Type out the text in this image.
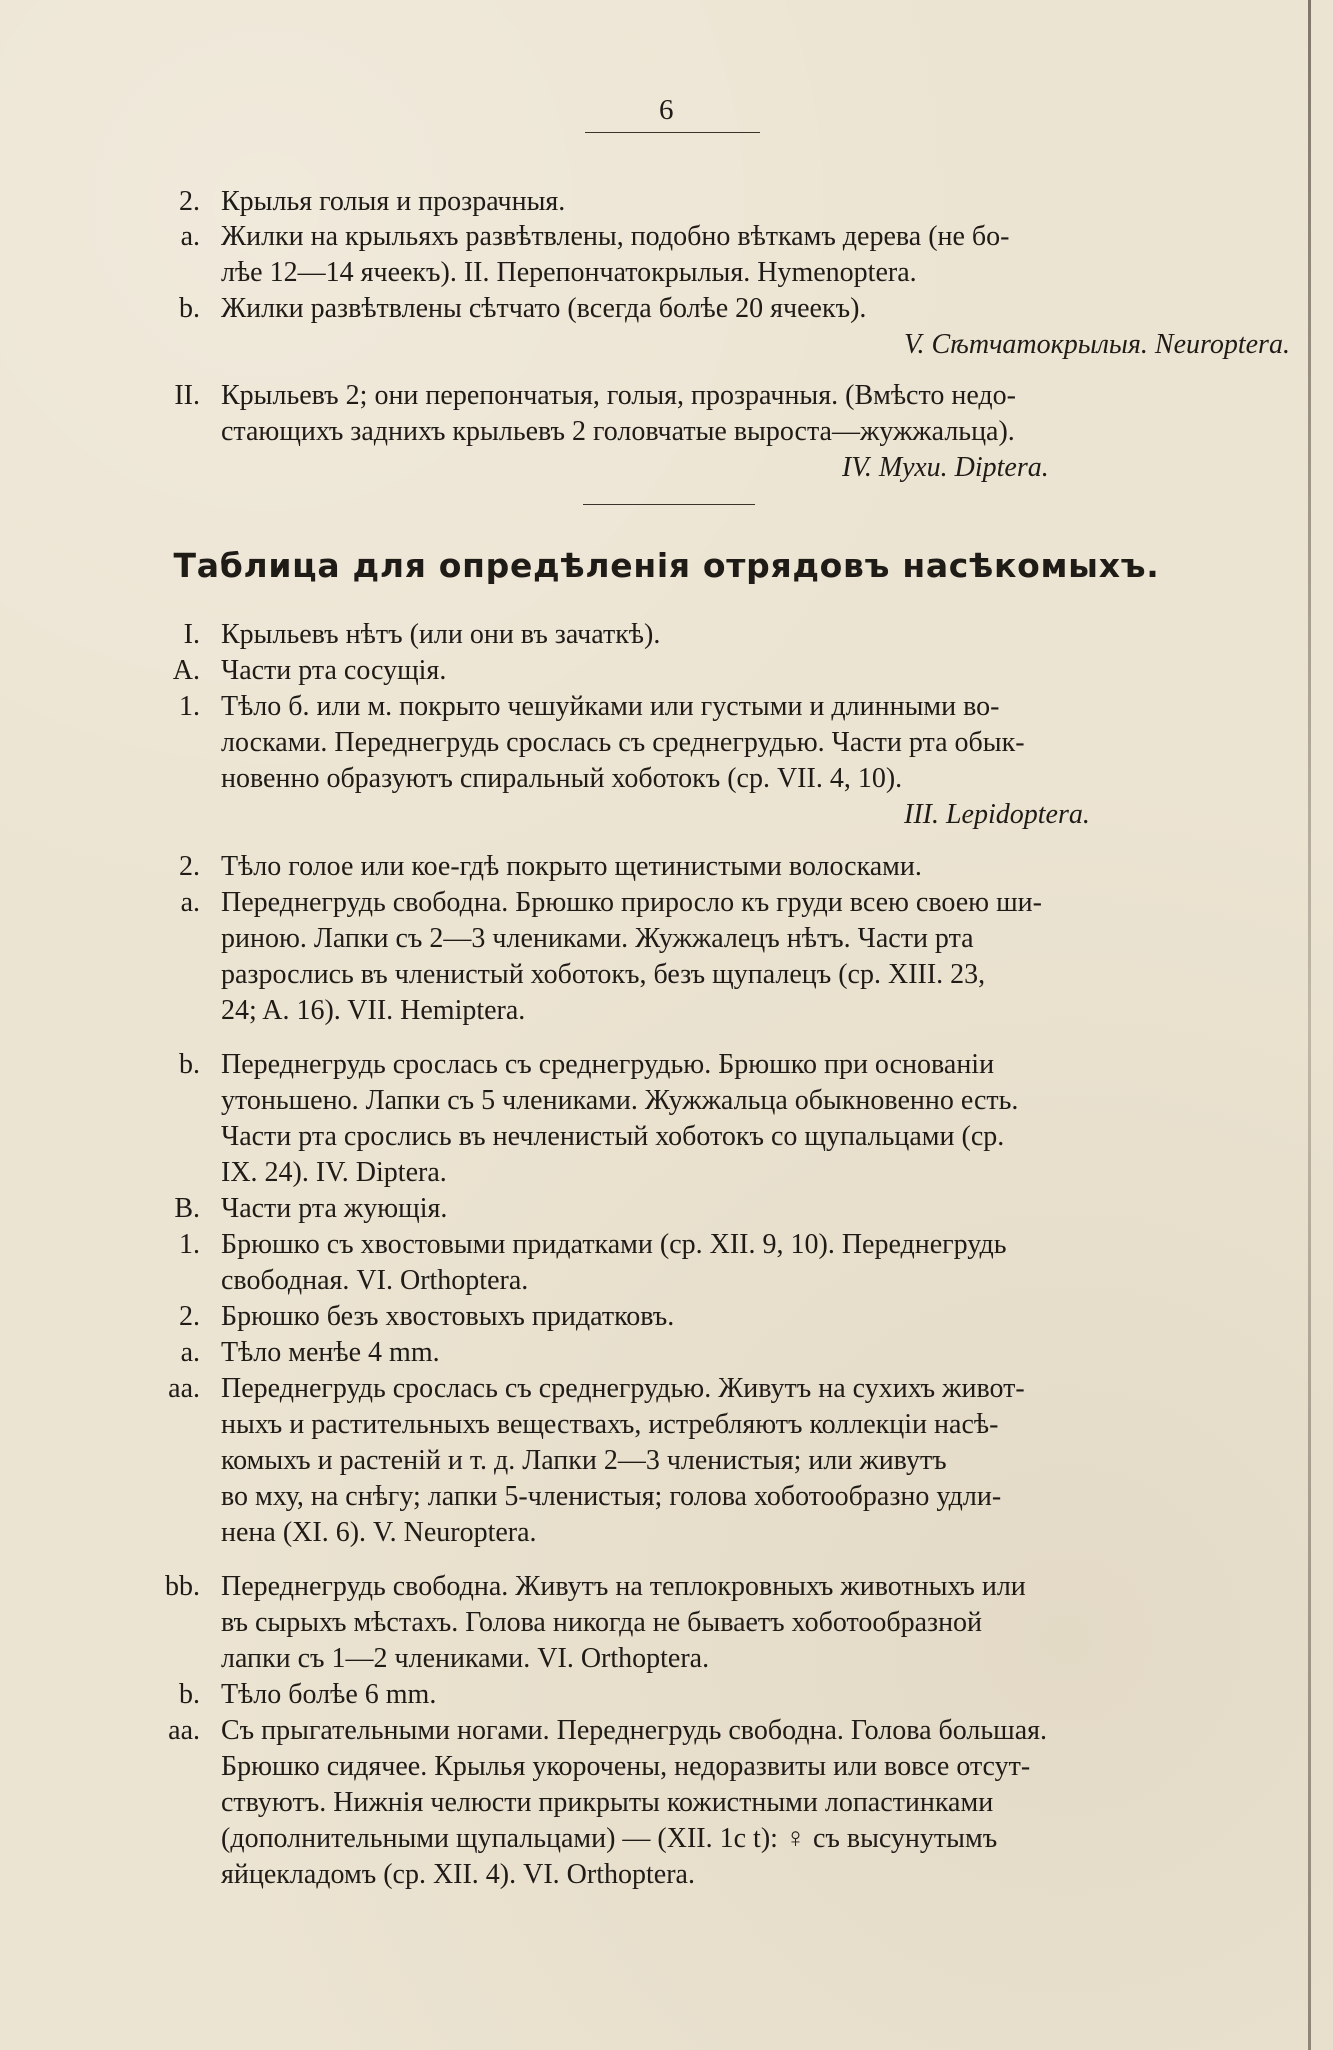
6
2. Крылья голыя и прозрачныя.
a. Жилки на крыльяхъ развѣтвлены, подобно вѣткамъ дерева (не бо-
лѣе 12—14 ячеекъ). II. Перепончатокрылыя. Hymenoptera.
b. Жилки развѣтвлены сѣтчато (всегда болѣе 20 ячеекъ).
V. Сѣтчатокрылыя. Neuroptera.
II. Крыльевъ 2; они перепончатыя, голыя, прозрачныя. (Вмѣсто недо-
стающихъ заднихъ крыльевъ 2 головчатые выроста—жужжальца).
IV. Мухи. Diptera.
Таблица для опредѣленія отрядовъ насѣкомыхъ.
I. Крыльевъ нѣтъ (или они въ зачаткѣ).
A. Части рта сосущія.
1. Тѣло б. или м. покрыто чешуйками или густыми и длинными во-
лосками. Переднегрудь срослась съ среднегрудью. Части рта обык-
новенно образуютъ спиральный хоботокъ (ср. VII. 4, 10).
III. Lepidoptera.
2. Тѣло голое или кое-гдѣ покрыто щетинистыми волосками.
a. Переднегрудь свободна. Брюшко приросло къ груди всею своею ши-
риною. Лапки съ 2—3 члениками. Жужжалецъ нѣтъ. Части рта
разрослись въ членистый хоботокъ, безъ щупалецъ (ср. XIII. 23,
24; A. 16). VII. Hemiptera.
b. Переднегрудь срослась съ среднегрудью. Брюшко при основаніи
утоньшено. Лапки съ 5 члениками. Жужжальца обыкновенно есть.
Части рта срослись въ нечленистый хоботокъ со щупальцами (ср.
IX. 24). IV. Diptera.
B. Части рта жующія.
1. Брюшко съ хвостовыми придатками (ср. XII. 9, 10). Переднегрудь
свободная. VI. Orthoptera.
2. Брюшко безъ хвостовыхъ придатковъ.
a. Тѣло менѣе 4 mm.
aa. Переднегрудь срослась съ среднегрудью. Живутъ на сухихъ живот-
ныхъ и растительныхъ веществахъ, истребляютъ коллекціи насѣ-
комыхъ и растеній и т. д. Лапки 2—3 членистыя; или живутъ
во мху, на снѣгу; лапки 5-членистыя; голова хоботообразно удли-
нена (XI. 6). V. Neuroptera.
bb. Переднегрудь свободна. Живутъ на теплокровныхъ животныхъ или
въ сырыхъ мѣстахъ. Голова никогда не бываетъ хоботообразной
лапки съ 1—2 члениками. VI. Orthoptera.
b. Тѣло болѣе 6 mm.
aa. Съ прыгательными ногами. Переднегрудь свободна. Голова большая.
Брюшко сидячее. Крылья укорочены, недоразвиты или вовсе отсут-
ствуютъ. Нижнія челюсти прикрыты кожистными лопастинками
(дополнительными щупальцами) — (XII. 1c t): ♀ съ высунутымъ
яйцекладомъ (ср. XII. 4). VI. Orthoptera.
